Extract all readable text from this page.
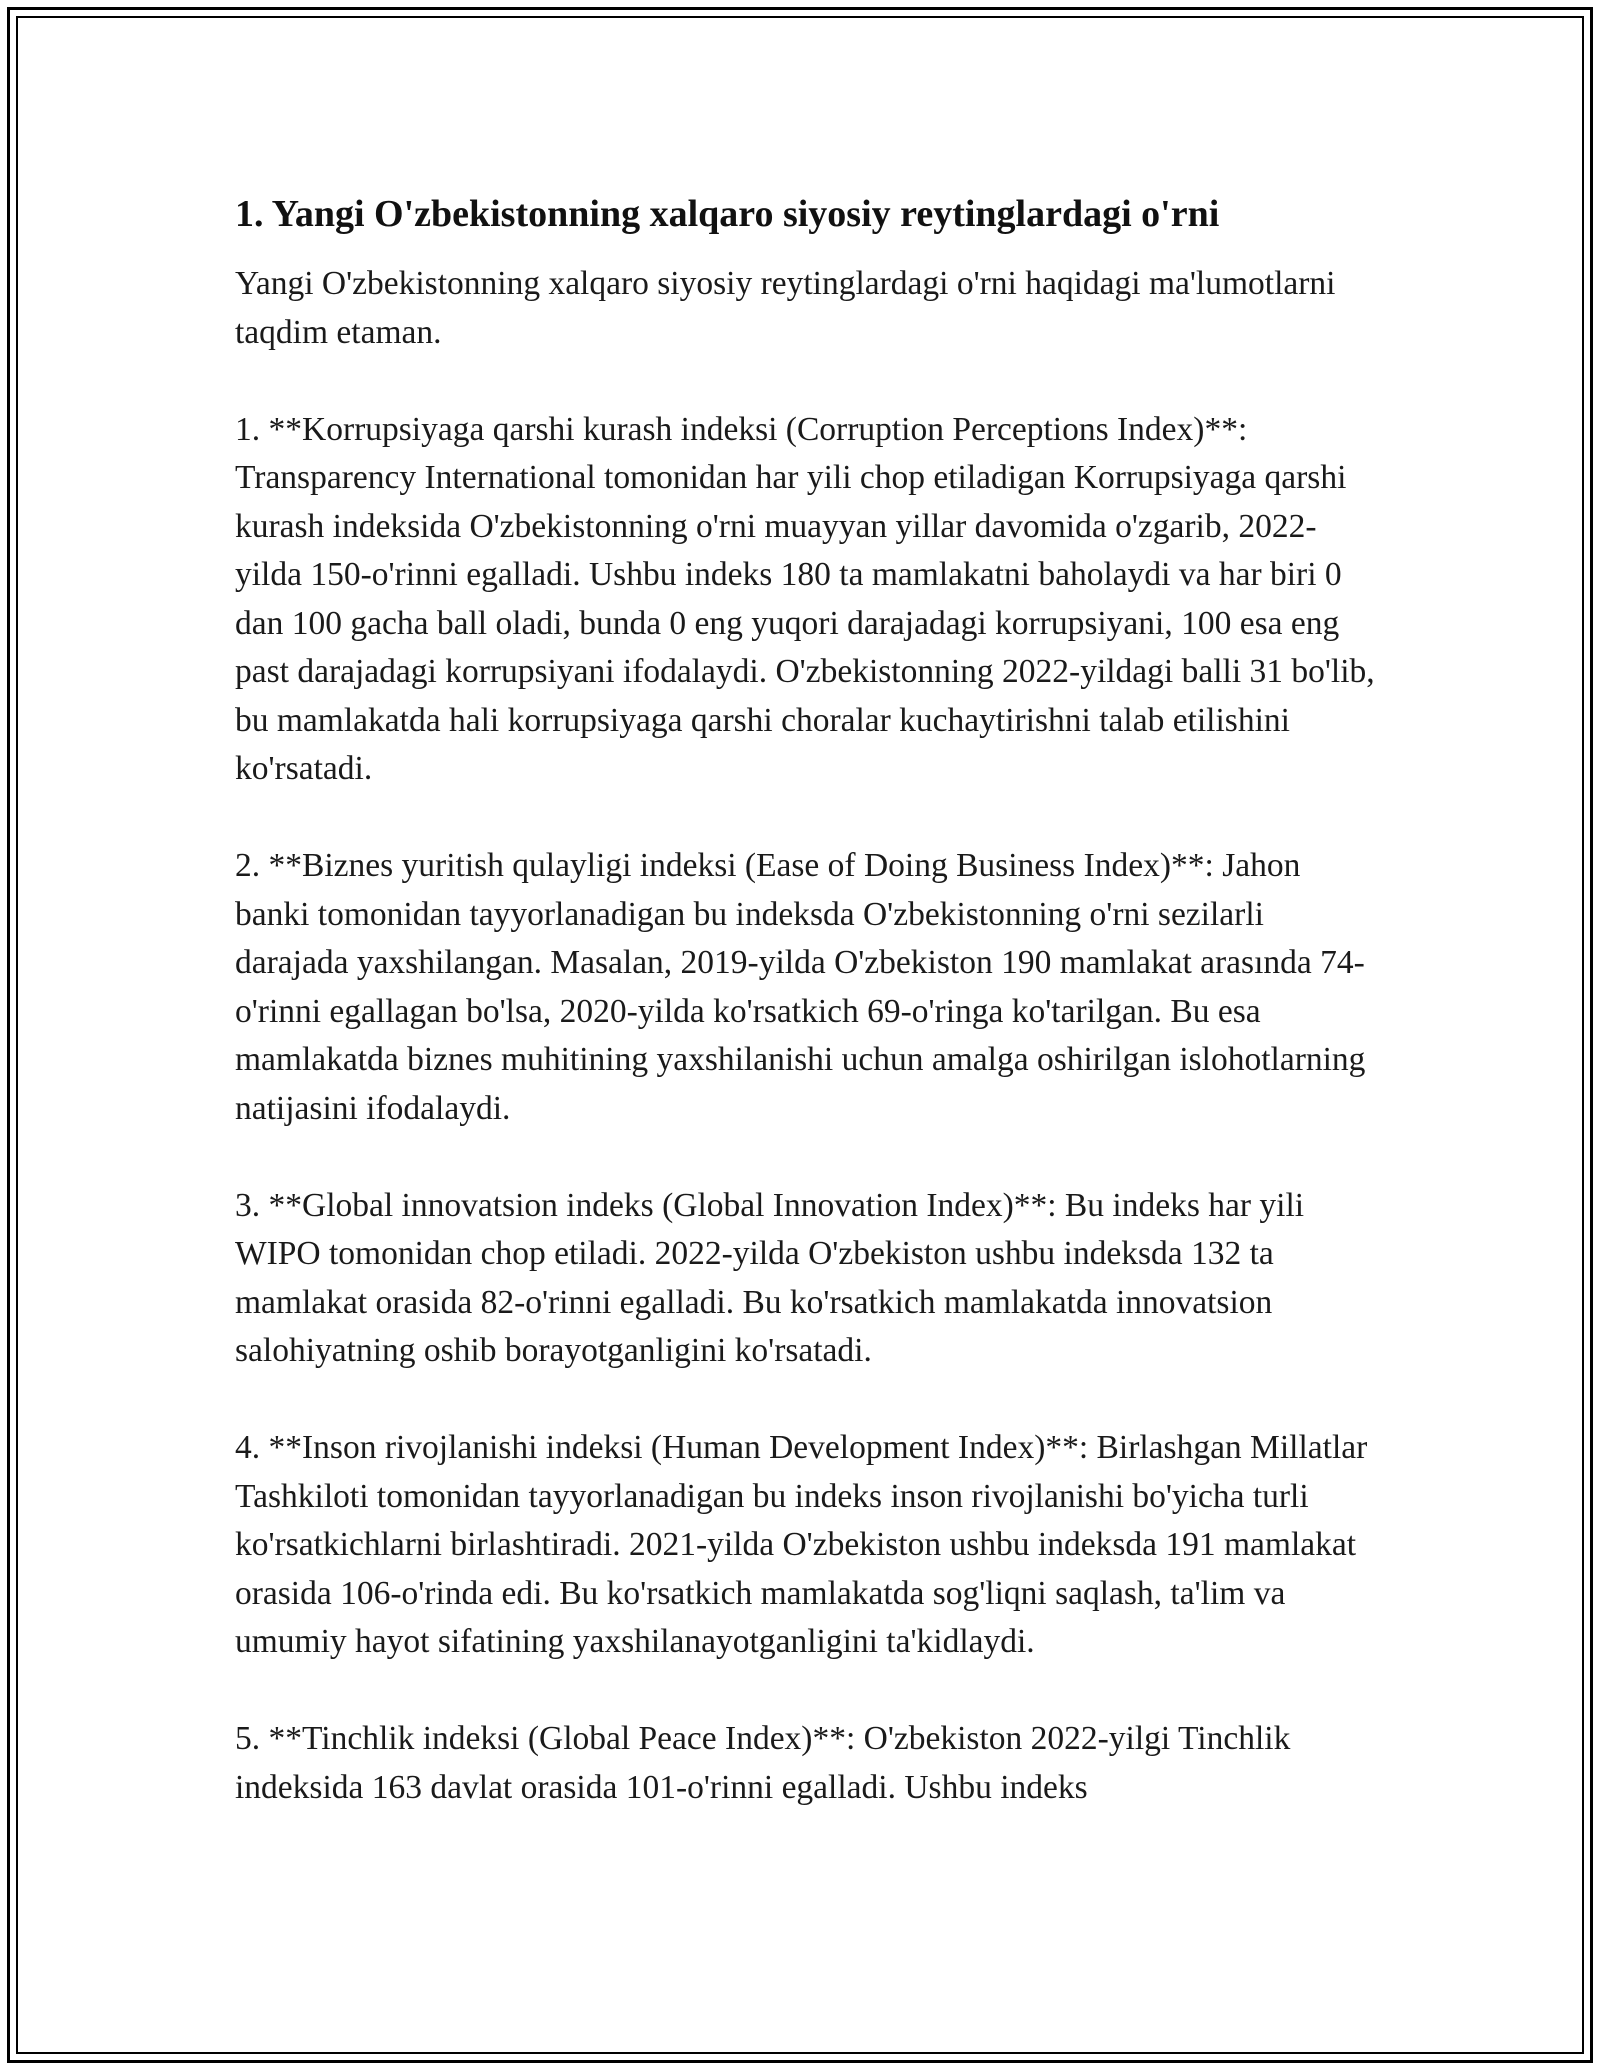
1. Yangi O'zbekistonning xalqaro siyosiy reytinglardagi o'rni

Yangi O'zbekistonning xalqaro siyosiy reytinglardagi o'rni haqidagi ma'lumotlarni taqdim etaman.

1. **Korrupsiyaga qarshi kurash indeksi (Corruption Perceptions Index)**: Transparency International tomonidan har yili chop etiladigan Korrupsiyaga qarshi kurash indeksida O'zbekistonning o'rni muayyan yillar davomida o'zgarib, 2022-yilda 150-o'rinni egalladi. Ushbu indeks 180 ta mamlakatni baholaydi va har biri 0 dan 100 gacha ball oladi, bunda 0 eng yuqori darajadagi korrupsiyani, 100 esa eng past darajadagi korrupsiyani ifodalaydi. O'zbekistonning 2022-yildagi balli 31 bo'lib, bu mamlakatda hali korrupsiyaga qarshi choralar kuchaytirishni talab etilishini ko'rsatadi.

2. **Biznes yuritish qulayligi indeksi (Ease of Doing Business Index)**: Jahon banki tomonidan tayyorlanadigan bu indeksda O'zbekistonning o'rni sezilarli darajada yaxshilangan. Masalan, 2019-yilda O'zbekiston 190 mamlakat arasında 74-o'rinni egallagan bo'lsa, 2020-yilda ko'rsatkich 69-o'ringa ko'tarilgan. Bu esa mamlakatda biznes muhitining yaxshilanishi uchun amalga oshirilgan islohotlarning natijasini ifodalaydi.

3. **Global innovatsion indeks (Global Innovation Index)**: Bu indeks har yili WIPO tomonidan chop etiladi. 2022-yilda O'zbekiston ushbu indeksda 132 ta mamlakat orasida 82-o'rinni egalladi. Bu ko'rsatkich mamlakatda innovatsion salohiyatning oshib borayotganligini ko'rsatadi.

4. **Inson rivojlanishi indeksi (Human Development Index)**: Birlashgan Millatlar Tashkiloti tomonidan tayyorlanadigan bu indeks inson rivojlanishi bo'yicha turli ko'rsatkichlarni birlashtiradi. 2021-yilda O'zbekiston ushbu indeksda 191 mamlakat orasida 106-o'rinda edi. Bu ko'rsatkich mamlakatda sog'liqni saqlash, ta'lim va umumiy hayot sifatining yaxshilanayotganligini ta'kidlaydi.

5. **Tinchlik indeksi (Global Peace Index)**: O'zbekiston 2022-yilgi Tinchlik indeksida 163 davlat orasida 101-o'rinni egalladi. Ushbu indeks
